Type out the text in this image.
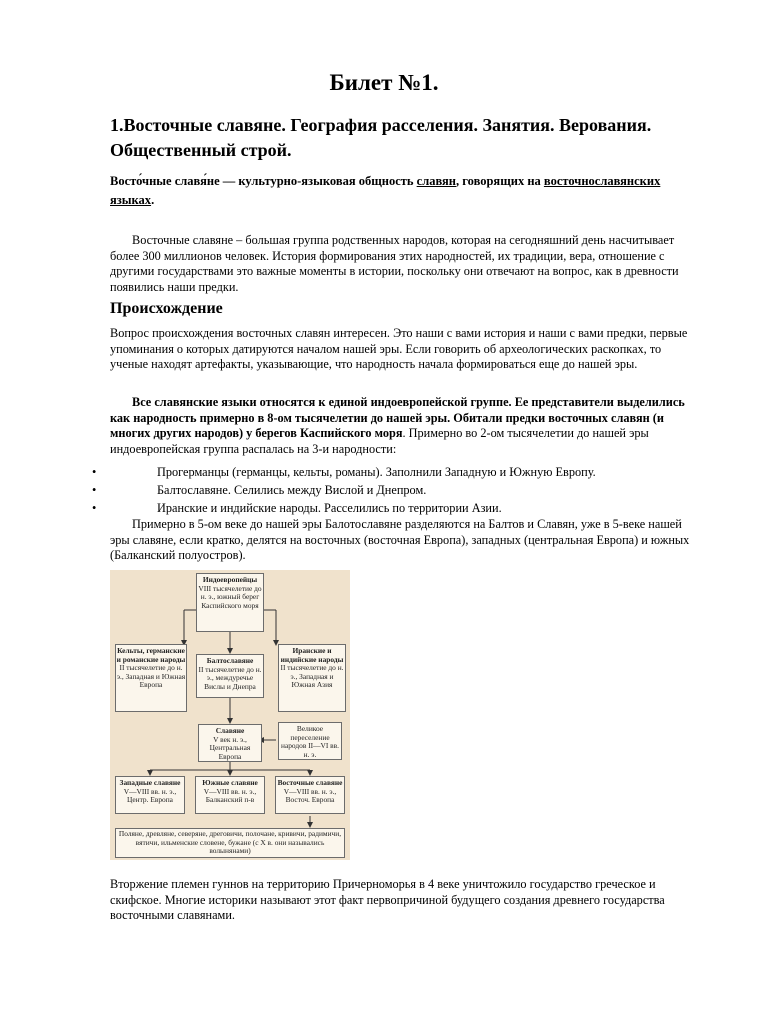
Билет №1.
1.Восточные славяне. География расселения. Занятия. Верования. Общественный строй.
Восто́чные славя́не — культурно-языковая общность славян, говорящих на восточнославянских языках.
Восточные славяне – большая группа родственных народов, которая на сегодняшний день насчитывает более 300 миллионов человек. История формирования этих народностей, их традиции, вера, отношение с другими государствами это важные моменты в истории, поскольку они отвечают на вопрос, как в древности появились наши предки.
Происхождение
Вопрос происхождения восточных славян интересен. Это наши с вами история и наши с вами предки, первые упоминания о которых датируются началом нашей эры. Если говорить об археологических раскопках, то ученые находят артефакты, указывающие, что народность начала формироваться еще до нашей эры.
Все славянские языки относятся к единой индоевропейской группе. Ее представители выделились как народность примерно в 8-ом тысячелетии до нашей эры. Обитали предки восточных славян (и многих других народов) у берегов Каспийского моря. Примерно во 2-ом тысячелетии до нашей эры индоевропейская группа распалась на 3-и народности:
•	Прогерманцы (германцы, кельты, романы). Заполнили Западную и Южную Европу.
•	Балтославяне. Селились между Вислой и Днепром.
•	Иранские и индийские народы. Расселились по территории Азии.
Примерно в 5-ом веке до нашей эры Балотославяне разделяются на Балтов и Славян, уже в 5-веке нашей эры славяне, если кратко, делятся на восточных (восточная Европа), западных (центральная Европа) и южных (Балканский полуостров).
Индоевропейцы
VIII тысячелетие до н. э., южный берег Каспийского моря
Кельты, германские и романские народы
II тысячелетие до н. э., Западная и Южная Европа
Балтославяне
II тысячелетие до н. э., междуречье Вислы и Днепра
Иранские и индийские народы
II тысячелетие до н. э., Западная и Южная Азия
Славяне
V век н. э., Центральная Европа
Великое переселение народов II—VI вв. н. э.
Западные славяне
V—VIII вв. н. э., Центр. Европа
Южные славяне
V—VIII вв. н. э., Балканский п-в
Восточные славяне
V—VIII вв. н. э., Восточ. Европа
Поляне, древляне, северяне, дреговичи, полочане, кривичи, радимичи, вятичи, ильменские словене, бужане (с X в. они назывались волынянами)
Вторжение племен гуннов на территорию Причерноморья в 4 веке уничтожило государство греческое и скифское. Многие историки называют этот факт первопричиной будущего создания древнего государства восточными славянами.
